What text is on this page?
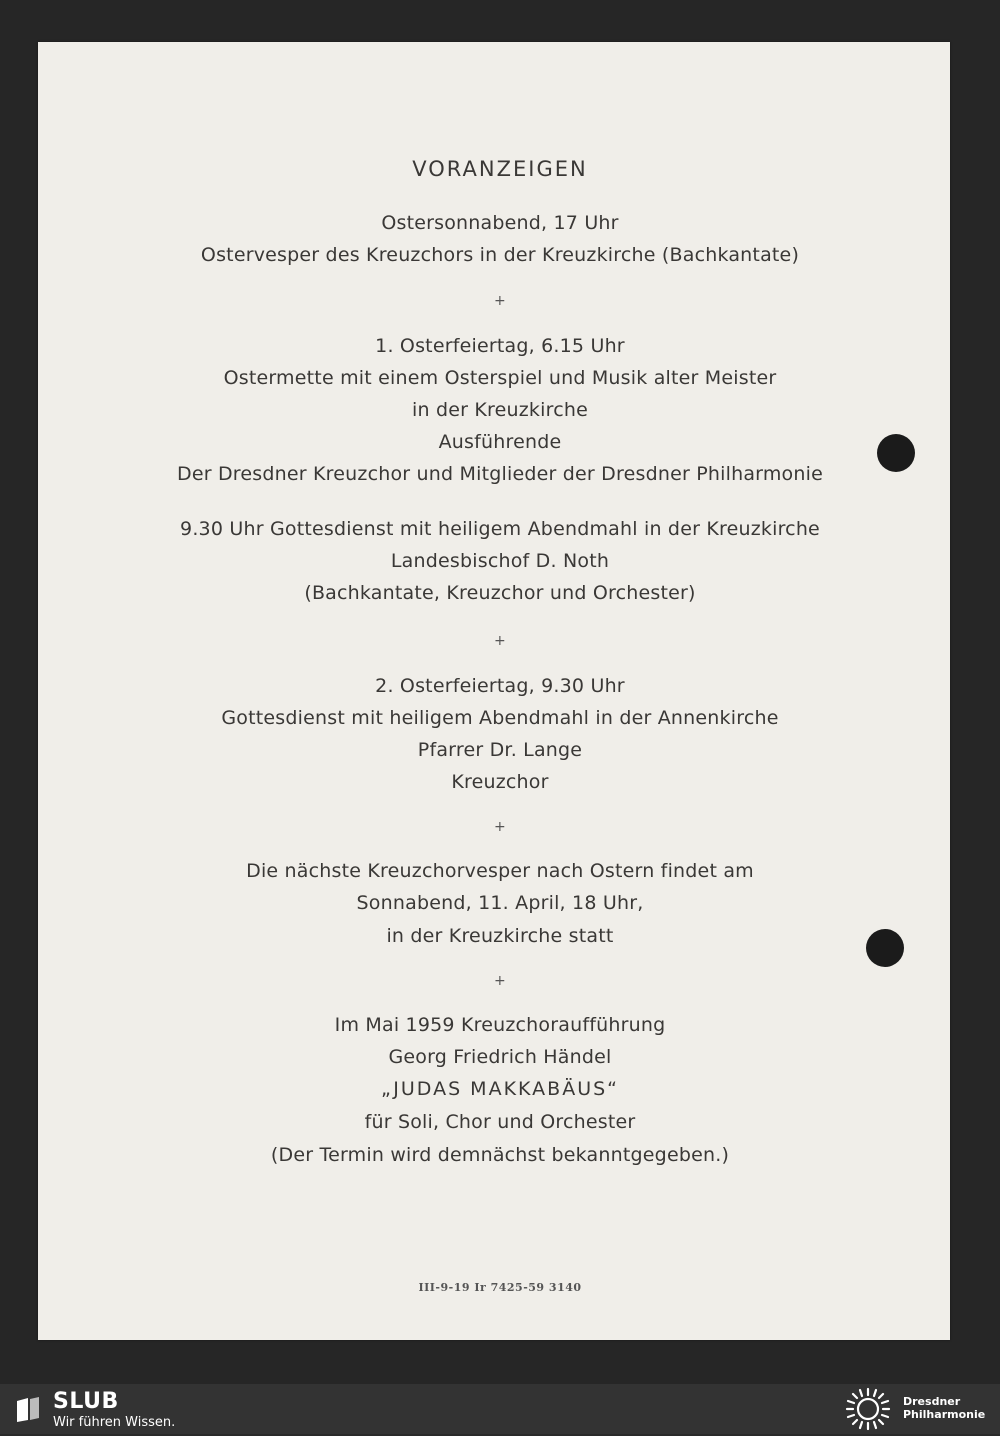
VORANZEIGEN
Ostersonnabend, 17 Uhr
Ostervesper des Kreuzchors in der Kreuzkirche (Bachkantate)
+
1. Osterfeiertag, 6.15 Uhr
Ostermette mit einem Osterspiel und Musik alter Meister
in der Kreuzkirche
Ausführende
Der Dresdner Kreuzchor und Mitglieder der Dresdner Philharmonie
9.30 Uhr Gottesdienst mit heiligem Abendmahl in der Kreuzkirche
Landesbischof D. Noth
(Bachkantate, Kreuzchor und Orchester)
+
2. Osterfeiertag, 9.30 Uhr
Gottesdienst mit heiligem Abendmahl in der Annenkirche
Pfarrer Dr. Lange
Kreuzchor
+
Die nächste Kreuzchorvesper nach Ostern findet am
Sonnabend, 11. April, 18 Uhr,
in der Kreuzkirche statt
+
Im Mai 1959 Kreuzchoraufführung
Georg Friedrich Händel
„JUDAS MAKKABÄUS“
für Soli, Chor und Orchester
(Der Termin wird demnächst bekanntgegeben.)
III-9-19 Ir 7425-59 3140
SLUB
Wir führen Wissen.
Dresdner
Philharmonie
